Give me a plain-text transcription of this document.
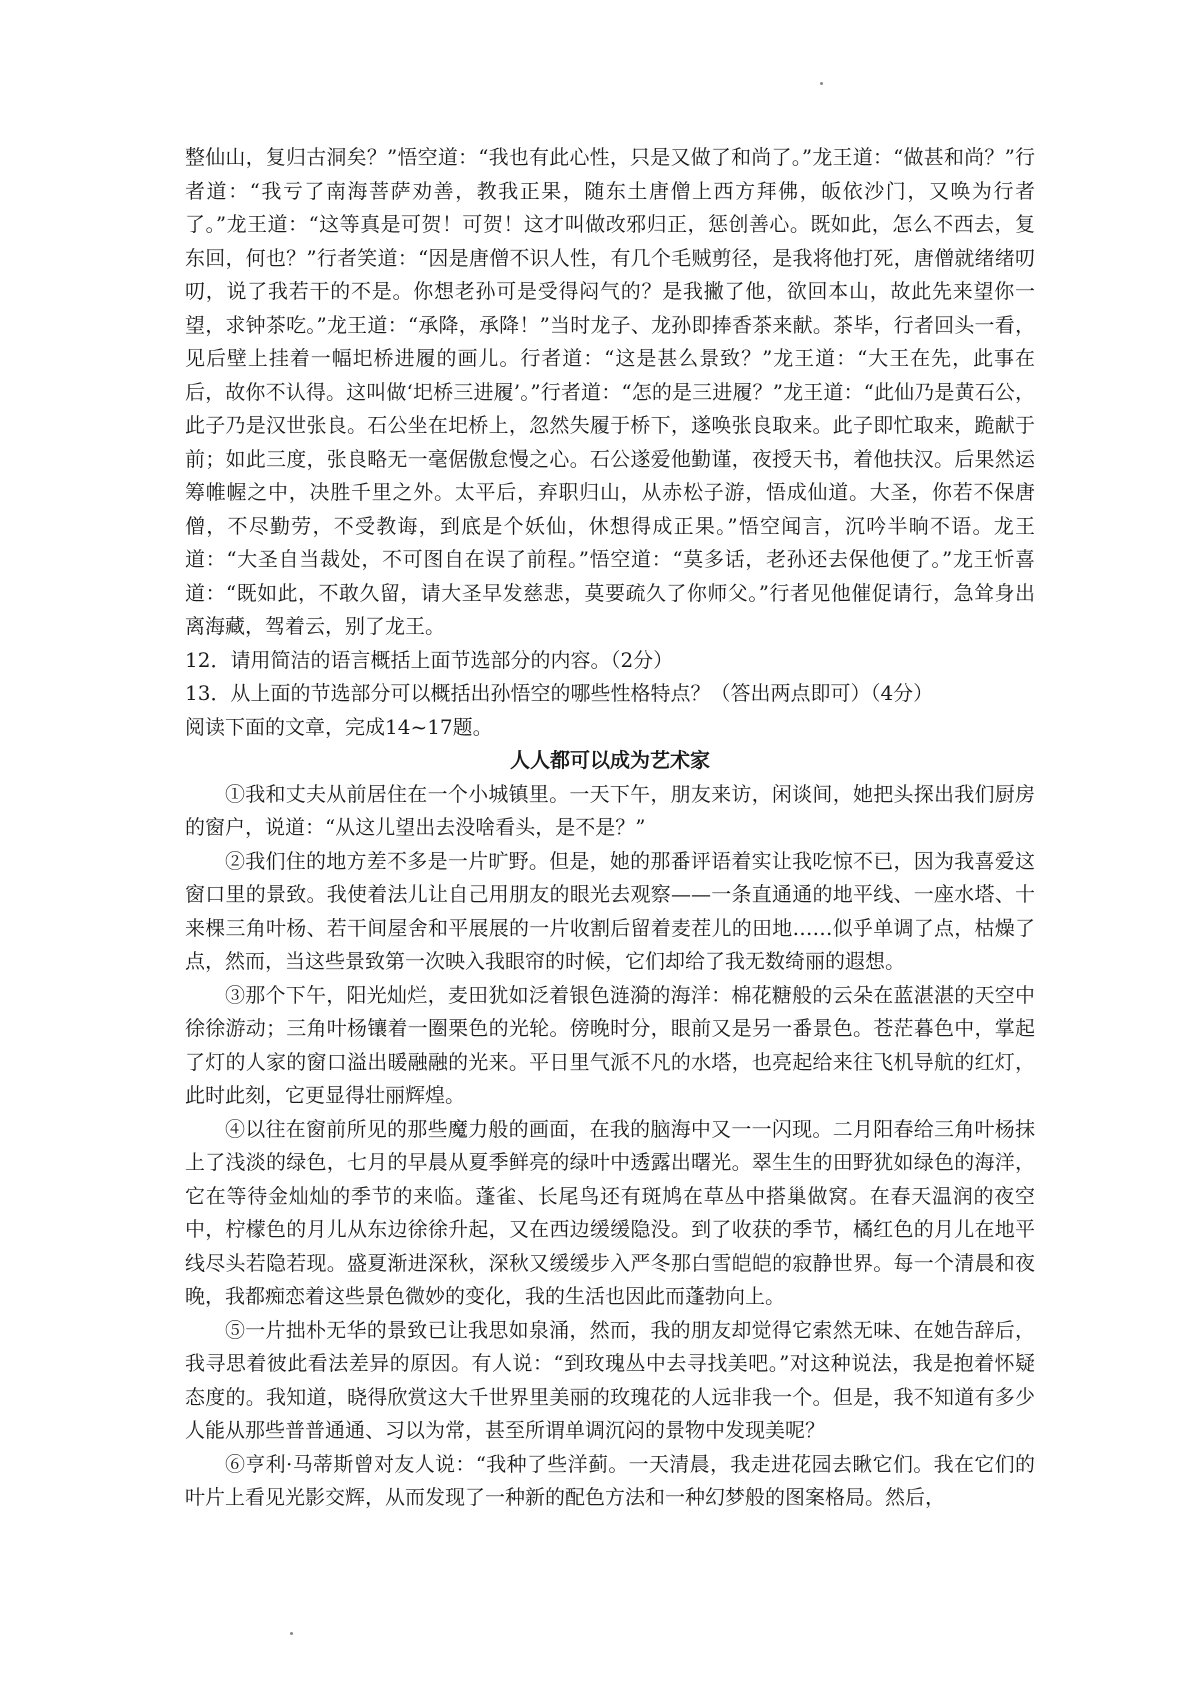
整仙山，复归古洞矣？”悟空道：“我也有此心性，只是又做了和尚了。”龙王道：“做甚和尚？”行者道：“我亏了南海菩萨劝善，教我正果，随东土唐僧上西方拜佛，皈依沙门，又唤为行者了。”龙王道：“这等真是可贺！可贺！这才叫做改邪归正，惩创善心。既如此，怎么不西去，复东回，何也？”行者笑道：“因是唐僧不识人性，有几个毛贼剪径，是我将他打死，唐僧就绪绪叨叨，说了我若干的不是。你想老孙可是受得闷气的？是我撇了他，欲回本山，故此先来望你一望，求钟茶吃。”龙王道：“承降，承降！”当时龙子、龙孙即捧香茶来献。茶毕，行者回头一看，见后壁上挂着一幅圯桥进履的画儿。行者道：“这是甚么景致？”龙王道：“大王在先，此事在后，故你不认得。这叫做‘圯桥三进履’。”行者道：“怎的是三进履？”龙王道：“此仙乃是黄石公，此子乃是汉世张良。石公坐在圯桥上，忽然失履于桥下，遂唤张良取来。此子即忙取来，跪献于前；如此三度，张良略无一毫倨傲怠慢之心。石公遂爱他勤谨，夜授天书，着他扶汉。后果然运筹帷幄之中，决胜千里之外。太平后，弃职归山，从赤松子游，悟成仙道。大圣，你若不保唐僧，不尽勤劳，不受教诲，到底是个妖仙，休想得成正果。”悟空闻言，沉吟半晌不语。龙王道：“大圣自当裁处，不可图自在误了前程。”悟空道：“莫多话，老孙还去保他便了。”龙王忻喜道：“既如此，不敢久留，请大圣早发慈悲，莫要疏久了你师父。”行者见他催促请行，急耸身出离海藏，驾着云，别了龙王。

12．请用简洁的语言概括上面节选部分的内容。（2分）

13．从上面的节选部分可以概括出孙悟空的哪些性格特点？（答出两点即可）（4分）

阅读下面的文章，完成14~17题。

人人都可以成为艺术家

①我和丈夫从前居住在一个小城镇里。一天下午，朋友来访，闲谈间，她把头探出我们厨房的窗户，说道：“从这儿望出去没啥看头，是不是？”

②我们住的地方差不多是一片旷野。但是，她的那番评语着实让我吃惊不已，因为我喜爱这窗口里的景致。我使着法儿让自己用朋友的眼光去观察——一条直通通的地平线、一座水塔、十来棵三角叶杨、若干间屋舍和平展展的一片收割后留着麦茬儿的田地……似乎单调了点，枯燥了点，然而，当这些景致第一次映入我眼帘的时候，它们却给了我无数绮丽的遐想。

③那个下午，阳光灿烂，麦田犹如泛着银色涟漪的海洋：棉花糖般的云朵在蓝湛湛的天空中徐徐游动；三角叶杨镶着一圈栗色的光轮。傍晚时分，眼前又是另一番景色。苍茫暮色中，掌起了灯的人家的窗口溢出暖融融的光来。平日里气派不凡的水塔，也亮起给来往飞机导航的红灯，此时此刻，它更显得壮丽辉煌。

④以往在窗前所见的那些魔力般的画面，在我的脑海中又一一闪现。二月阳春给三角叶杨抹上了浅淡的绿色，七月的早晨从夏季鲜亮的绿叶中透露出曙光。翠生生的田野犹如绿色的海洋，它在等待金灿灿的季节的来临。蓬雀、长尾鸟还有斑鸠在草丛中搭巢做窝。在春天温润的夜空中，柠檬色的月儿从东边徐徐升起，又在西边缓缓隐没。到了收获的季节，橘红色的月儿在地平线尽头若隐若现。盛夏渐进深秋，深秋又缓缓步入严冬那白雪皑皑的寂静世界。每一个清晨和夜晚，我都痴恋着这些景色微妙的变化，我的生活也因此而蓬勃向上。

⑤一片拙朴无华的景致已让我思如泉涌，然而，我的朋友却觉得它索然无味、在她告辞后，我寻思着彼此看法差异的原因。有人说：“到玫瑰丛中去寻找美吧。”对这种说法，我是抱着怀疑态度的。我知道，晓得欣赏这大千世界里美丽的玫瑰花的人远非我一个。但是，我不知道有多少人能从那些普普通通、习以为常，甚至所谓单调沉闷的景物中发现美呢？

⑥亨利·马蒂斯曾对友人说：“我种了些洋蓟。一天清晨，我走进花园去瞅它们。我在它们的叶片上看见光影交辉，从而发现了一种新的配色方法和一种幻梦般的图案格局。然后，
